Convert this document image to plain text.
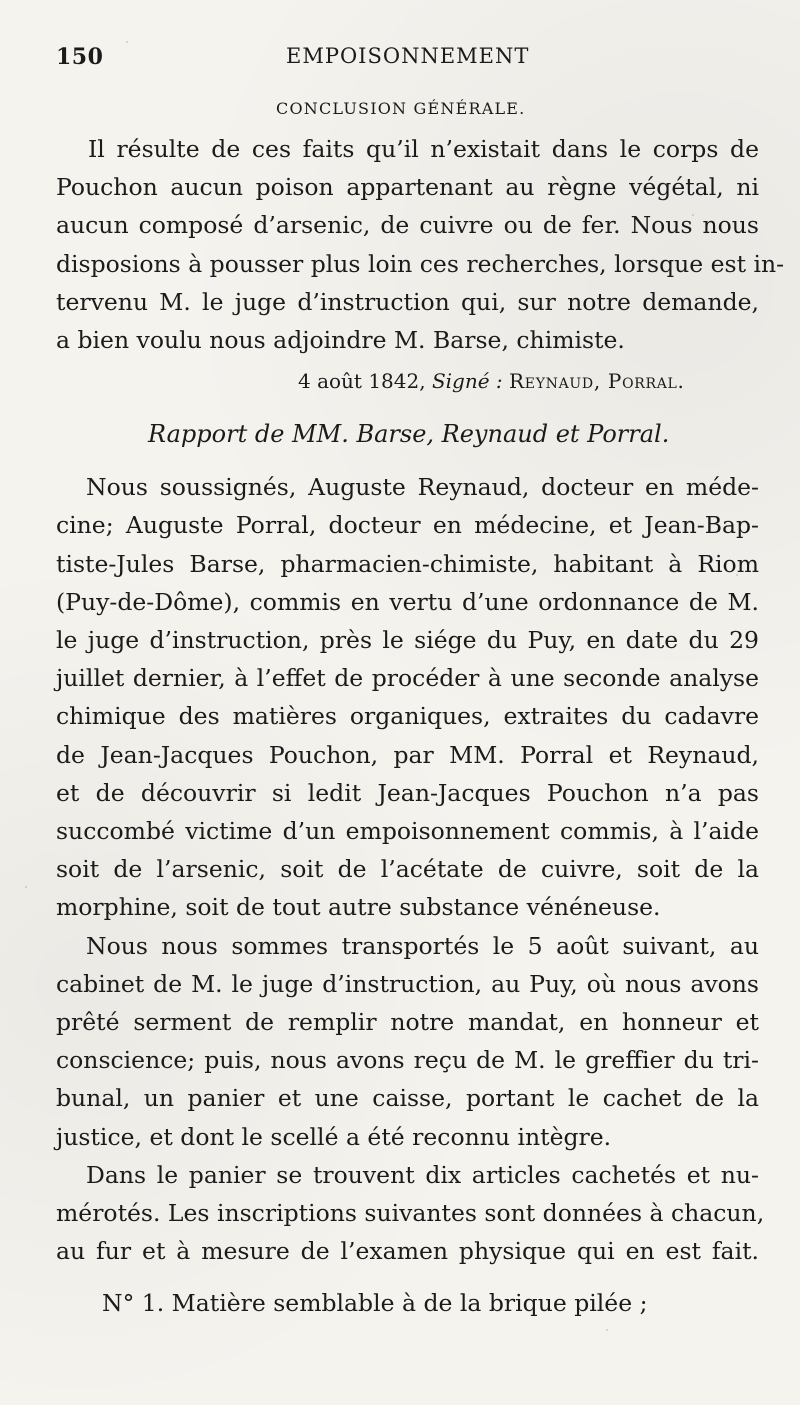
150	EMPOISONNEMENT
CONCLUSION GÉNÉRALE.
Il résulte de ces faits qu’il n’existait dans le corps de
Pouchon aucun poison appartenant au règne végétal, ni
aucun composé d’arsenic, de cuivre ou de fer. Nous nous
disposions à pousser plus loin ces recherches, lorsque est in-
tervenu M. le juge d’instruction qui, sur notre demande,
a bien voulu nous adjoindre M. Barse, chimiste.
4 août 1842, Signé : Reynaud, Porral.
Rapport de MM. Barse, Reynaud et Porral.
Nous soussignés, Auguste Reynaud, docteur en méde-
cine; Auguste Porral, docteur en médecine, et Jean-Bap-
tiste-Jules Barse, pharmacien-chimiste, habitant à Riom
(Puy-de-Dôme), commis en vertu d’une ordonnance de M.
le juge d’instruction, près le siége du Puy, en date du 29
juillet dernier, à l’effet de procéder à une seconde analyse
chimique des matières organiques, extraites du cadavre
de Jean-Jacques Pouchon, par MM. Porral et Reynaud,
et de découvrir si ledit Jean-Jacques Pouchon n’a pas
succombé victime d’un empoisonnement commis, à l’aide
soit de l’arsenic, soit de l’acétate de cuivre, soit de la
morphine, soit de tout autre substance vénéneuse.
Nous nous sommes transportés le 5 août suivant, au
cabinet de M. le juge d’instruction, au Puy, où nous avons
prêté serment de remplir notre mandat, en honneur et
conscience; puis, nous avons reçu de M. le greffier du tri-
bunal, un panier et une caisse, portant le cachet de la
justice, et dont le scellé a été reconnu intègre.
Dans le panier se trouvent dix articles cachetés et nu-
mérotés. Les inscriptions suivantes sont données à chacun,
au fur et à mesure de l’examen physique qui en est fait.
N° 1. Matière semblable à de la brique pilée ;
